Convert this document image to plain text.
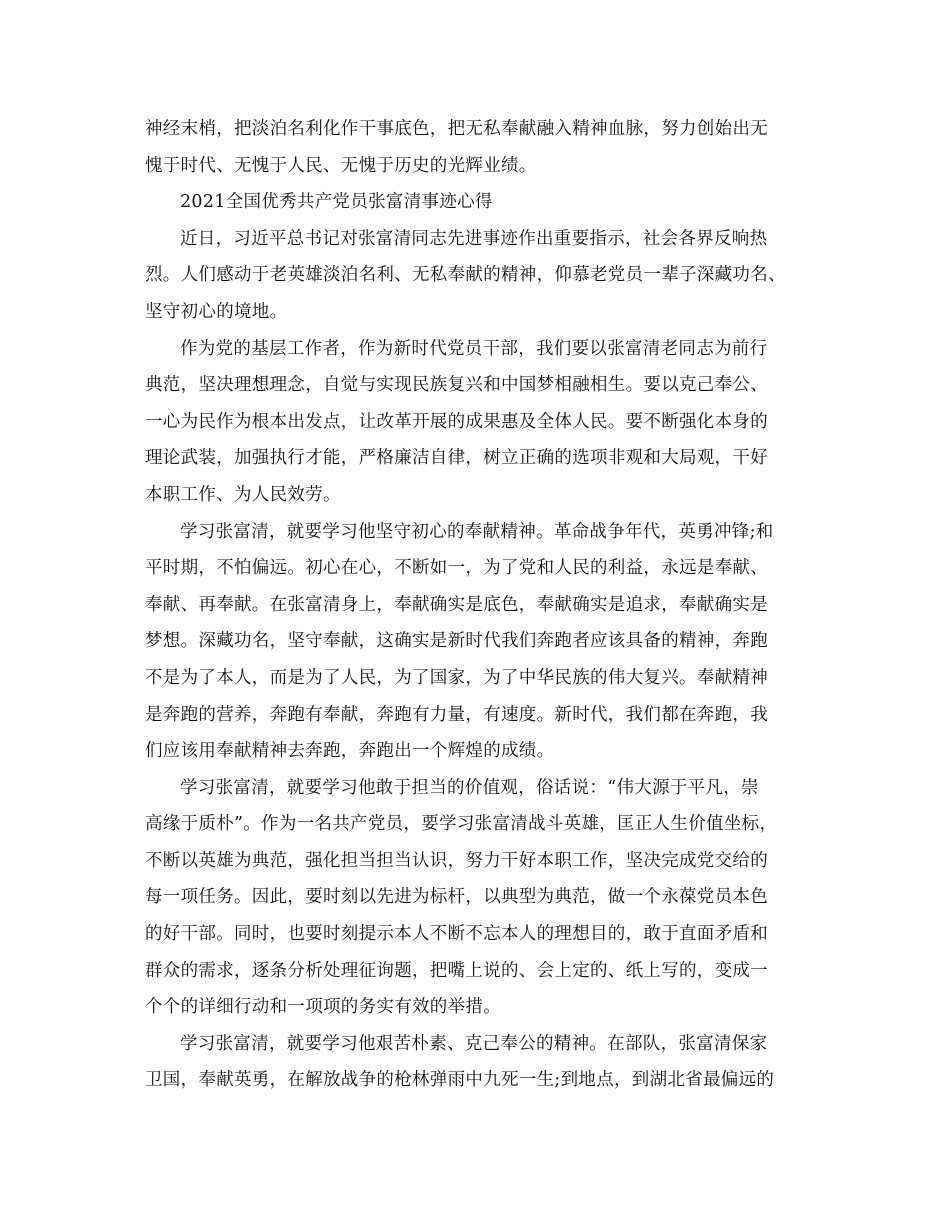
神经末梢，把淡泊名利化作干事底色，把无私奉献融入精神血脉，努力创始出无
愧于时代、无愧于人民、无愧于历史的光辉业绩。
2021全国优秀共产党员张富清事迹心得
近日，习近平总书记对张富清同志先进事迹作出重要指示，社会各界反响热
烈。人们感动于老英雄淡泊名利、无私奉献的精神，仰慕老党员一辈子深藏功名、
坚守初心的境地。
作为党的基层工作者，作为新时代党员干部，我们要以张富清老同志为前行
典范，坚决理想理念，自觉与实现民族复兴和中国梦相融相生。要以克己奉公、
一心为民作为根本出发点，让改革开展的成果惠及全体人民。要不断强化本身的
理论武装，加强执行才能，严格廉洁自律，树立正确的选项非观和大局观，干好
本职工作、为人民效劳。
学习张富清，就要学习他坚守初心的奉献精神。革命战争年代，英勇冲锋;和
平时期，不怕偏远。初心在心，不断如一，为了党和人民的利益，永远是奉献、
奉献、再奉献。在张富清身上，奉献确实是底色，奉献确实是追求，奉献确实是
梦想。深藏功名，坚守奉献，这确实是新时代我们奔跑者应该具备的精神，奔跑
不是为了本人，而是为了人民，为了国家，为了中华民族的伟大复兴。奉献精神
是奔跑的营养，奔跑有奉献，奔跑有力量，有速度。新时代，我们都在奔跑，我
们应该用奉献精神去奔跑，奔跑出一个辉煌的成绩。
学习张富清，就要学习他敢于担当的价值观，俗话说：“伟大源于平凡，崇
高缘于质朴”。作为一名共产党员，要学习张富清战斗英雄，匡正人生价值坐标，
不断以英雄为典范，强化担当担当认识，努力干好本职工作，坚决完成党交给的
每一项任务。因此，要时刻以先进为标杆，以典型为典范，做一个永葆党员本色
的好干部。同时，也要时刻提示本人不断不忘本人的理想目的，敢于直面矛盾和
群众的需求，逐条分析处理征询题，把嘴上说的、会上定的、纸上写的，变成一
个个的详细行动和一项项的务实有效的举措。
学习张富清，就要学习他艰苦朴素、克己奉公的精神。在部队，张富清保家
卫国，奉献英勇，在解放战争的枪林弹雨中九死一生;到地点，到湖北省最偏远的
